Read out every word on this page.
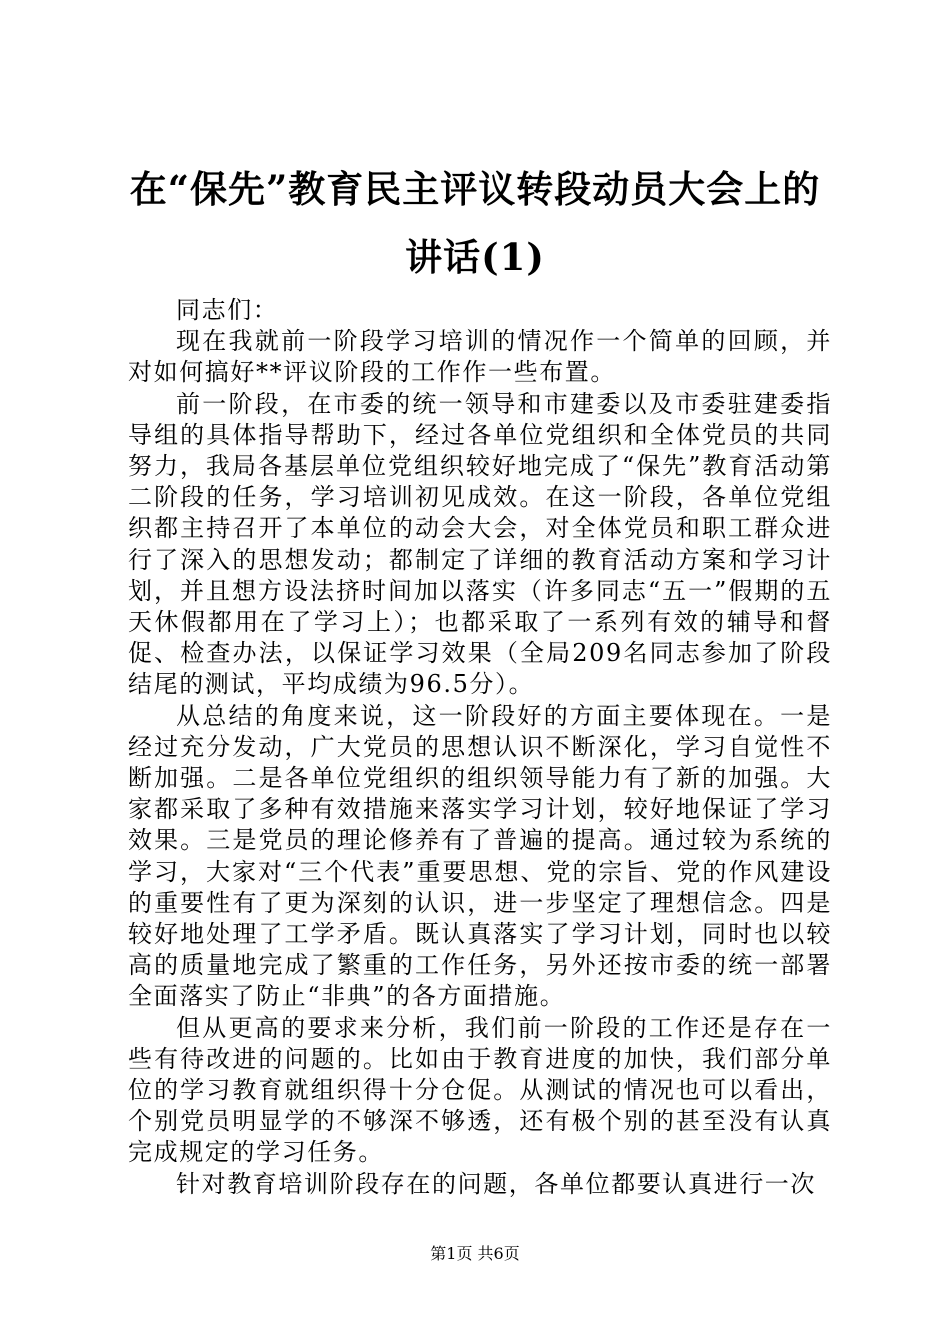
在“保先”教育民主评议转段动员大会上的讲话(1)

同志们：

现在我就前一阶段学习培训的情况作一个简单的回顾，并对如何搞好**评议阶段的工作作一些布置。

前一阶段，在市委的统一领导和市建委以及市委驻建委指导组的具体指导帮助下，经过各单位党组织和全体党员的共同努力，我局各基层单位党组织较好地完成了“保先”教育活动第二阶段的任务，学习培训初见成效。在这一阶段，各单位党组织都主持召开了本单位的动会大会，对全体党员和职工群众进行了深入的思想发动；都制定了详细的教育活动方案和学习计划，并且想方设法挤时间加以落实（许多同志“五一”假期的五天休假都用在了学习上）；也都采取了一系列有效的辅导和督促、检查办法，以保证学习效果（全局209名同志参加了阶段结尾的测试，平均成绩为96.5分）。

从总结的角度来说，这一阶段好的方面主要体现在。一是经过充分发动，广大党员的思想认识不断深化，学习自觉性不断加强。二是各单位党组织的组织领导能力有了新的加强。大家都采取了多种有效措施来落实学习计划，较好地保证了学习效果。三是党员的理论修养有了普遍的提高。通过较为系统的学习，大家对“三个代表”重要思想、党的宗旨、党的作风建设的重要性有了更为深刻的认识，进一步坚定了理想信念。四是较好地处理了工学矛盾。既认真落实了学习计划，同时也以较高的质量地完成了繁重的工作任务，另外还按市委的统一部署全面落实了防止“非典”的各方面措施。

但从更高的要求来分析，我们前一阶段的工作还是存在一些有待改进的问题的。比如由于教育进度的加快，我们部分单位的学习教育就组织得十分仓促。从测试的情况也可以看出，个别党员明显学的不够深不够透，还有极个别的甚至没有认真完成规定的学习任务。

针对教育培训阶段存在的问题，各单位都要认真进行一次

第1页 共6页
